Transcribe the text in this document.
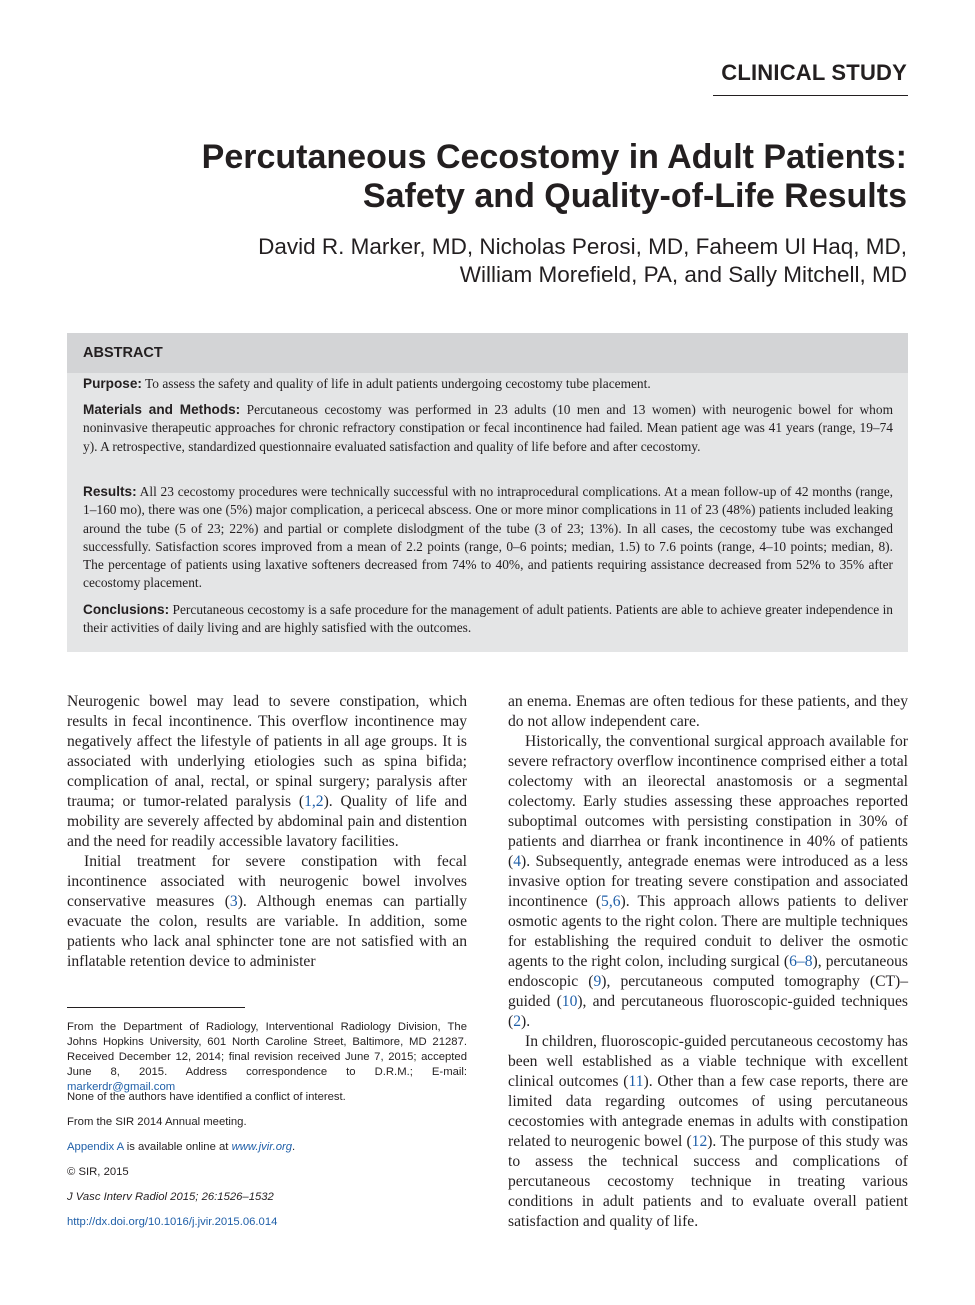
CLINICAL STUDY
Percutaneous Cecostomy in Adult Patients:
Safety and Quality-of-Life Results
David R. Marker, MD, Nicholas Perosi, MD, Faheem Ul Haq, MD,
William Morefield, PA, and Sally Mitchell, MD
ABSTRACT
Purpose: To assess the safety and quality of life in adult patients undergoing cecostomy tube placement.
Materials and Methods: Percutaneous cecostomy was performed in 23 adults (10 men and 13 women) with neurogenic bowel for whom noninvasive therapeutic approaches for chronic refractory constipation or fecal incontinence had failed. Mean patient age was 41 years (range, 19–74 y). A retrospective, standardized questionnaire evaluated satisfaction and quality of life before and after cecostomy.
Results: All 23 cecostomy procedures were technically successful with no intraprocedural complications. At a mean follow-up of 42 months (range, 1–160 mo), there was one (5%) major complication, a pericecal abscess. One or more minor complications in 11 of 23 (48%) patients included leaking around the tube (5 of 23; 22%) and partial or complete dislodgment of the tube (3 of 23; 13%). In all cases, the cecostomy tube was exchanged successfully. Satisfaction scores improved from a mean of 2.2 points (range, 0–6 points; median, 1.5) to 7.6 points (range, 4–10 points; median, 8). The percentage of patients using laxative softeners decreased from 74% to 40%, and patients requiring assistance decreased from 52% to 35% after cecostomy placement.
Conclusions: Percutaneous cecostomy is a safe procedure for the management of adult patients. Patients are able to achieve greater independence in their activities of daily living and are highly satisfied with the outcomes.

Neurogenic bowel may lead to severe constipation, which results in fecal incontinence. This overflow incontinence may negatively affect the lifestyle of patients in all age groups. It is associated with underlying etiologies such as spina bifida; complication of anal, rectal, or spinal surgery; paralysis after trauma; or tumor-related paralysis (1,2). Quality of life and mobility are severely affected by abdominal pain and distention and the need for readily accessible lavatory facilities.

Initial treatment for severe constipation with fecal incontinence associated with neurogenic bowel involves conservative measures (3). Although enemas can partially evacuate the colon, results are variable. In addition, some patients who lack anal sphincter tone are not satisfied with an inflatable retention device to administer

From the Department of Radiology, Interventional Radiology Division, The Johns Hopkins University, 601 North Caroline Street, Baltimore, MD 21287. Received December 12, 2014; final revision received June 7, 2015; accepted June 8, 2015. Address correspondence to D.R.M.; E-mail: markerdr@gmail.com
None of the authors have identified a conflict of interest.
From the SIR 2014 Annual meeting.
Appendix A is available online at www.jvir.org.
© SIR, 2015
J Vasc Interv Radiol 2015; 26:1526–1532
http://dx.doi.org/10.1016/j.jvir.2015.06.014

an enema. Enemas are often tedious for these patients, and they do not allow independent care.

Historically, the conventional surgical approach available for severe refractory overflow incontinence comprised either a total colectomy with an ileorectal anastomosis or a segmental colectomy. Early studies assessing these approaches reported suboptimal outcomes with persisting constipation in 30% of patients and diarrhea or frank incontinence in 40% of patients (4). Subsequently, antegrade enemas were introduced as a less invasive option for treating severe constipation and associated incontinence (5,6). This approach allows patients to deliver osmotic agents to the right colon. There are multiple techniques for establishing the required conduit to deliver the osmotic agents to the right colon, including surgical (6–8), percutaneous endoscopic (9), percutaneous computed tomography (CT)–guided (10), and percutaneous fluoroscopic-guided techniques (2).

In children, fluoroscopic-guided percutaneous cecostomy has been well established as a viable technique with excellent clinical outcomes (11). Other than a few case reports, there are limited data regarding outcomes of using percutaneous cecostomies with antegrade enemas in adults with constipation related to neurogenic bowel (12). The purpose of this study was to assess the technical success and complications of percutaneous cecostomy technique in treating various conditions in adult patients and to evaluate overall patient satisfaction and quality of life.
